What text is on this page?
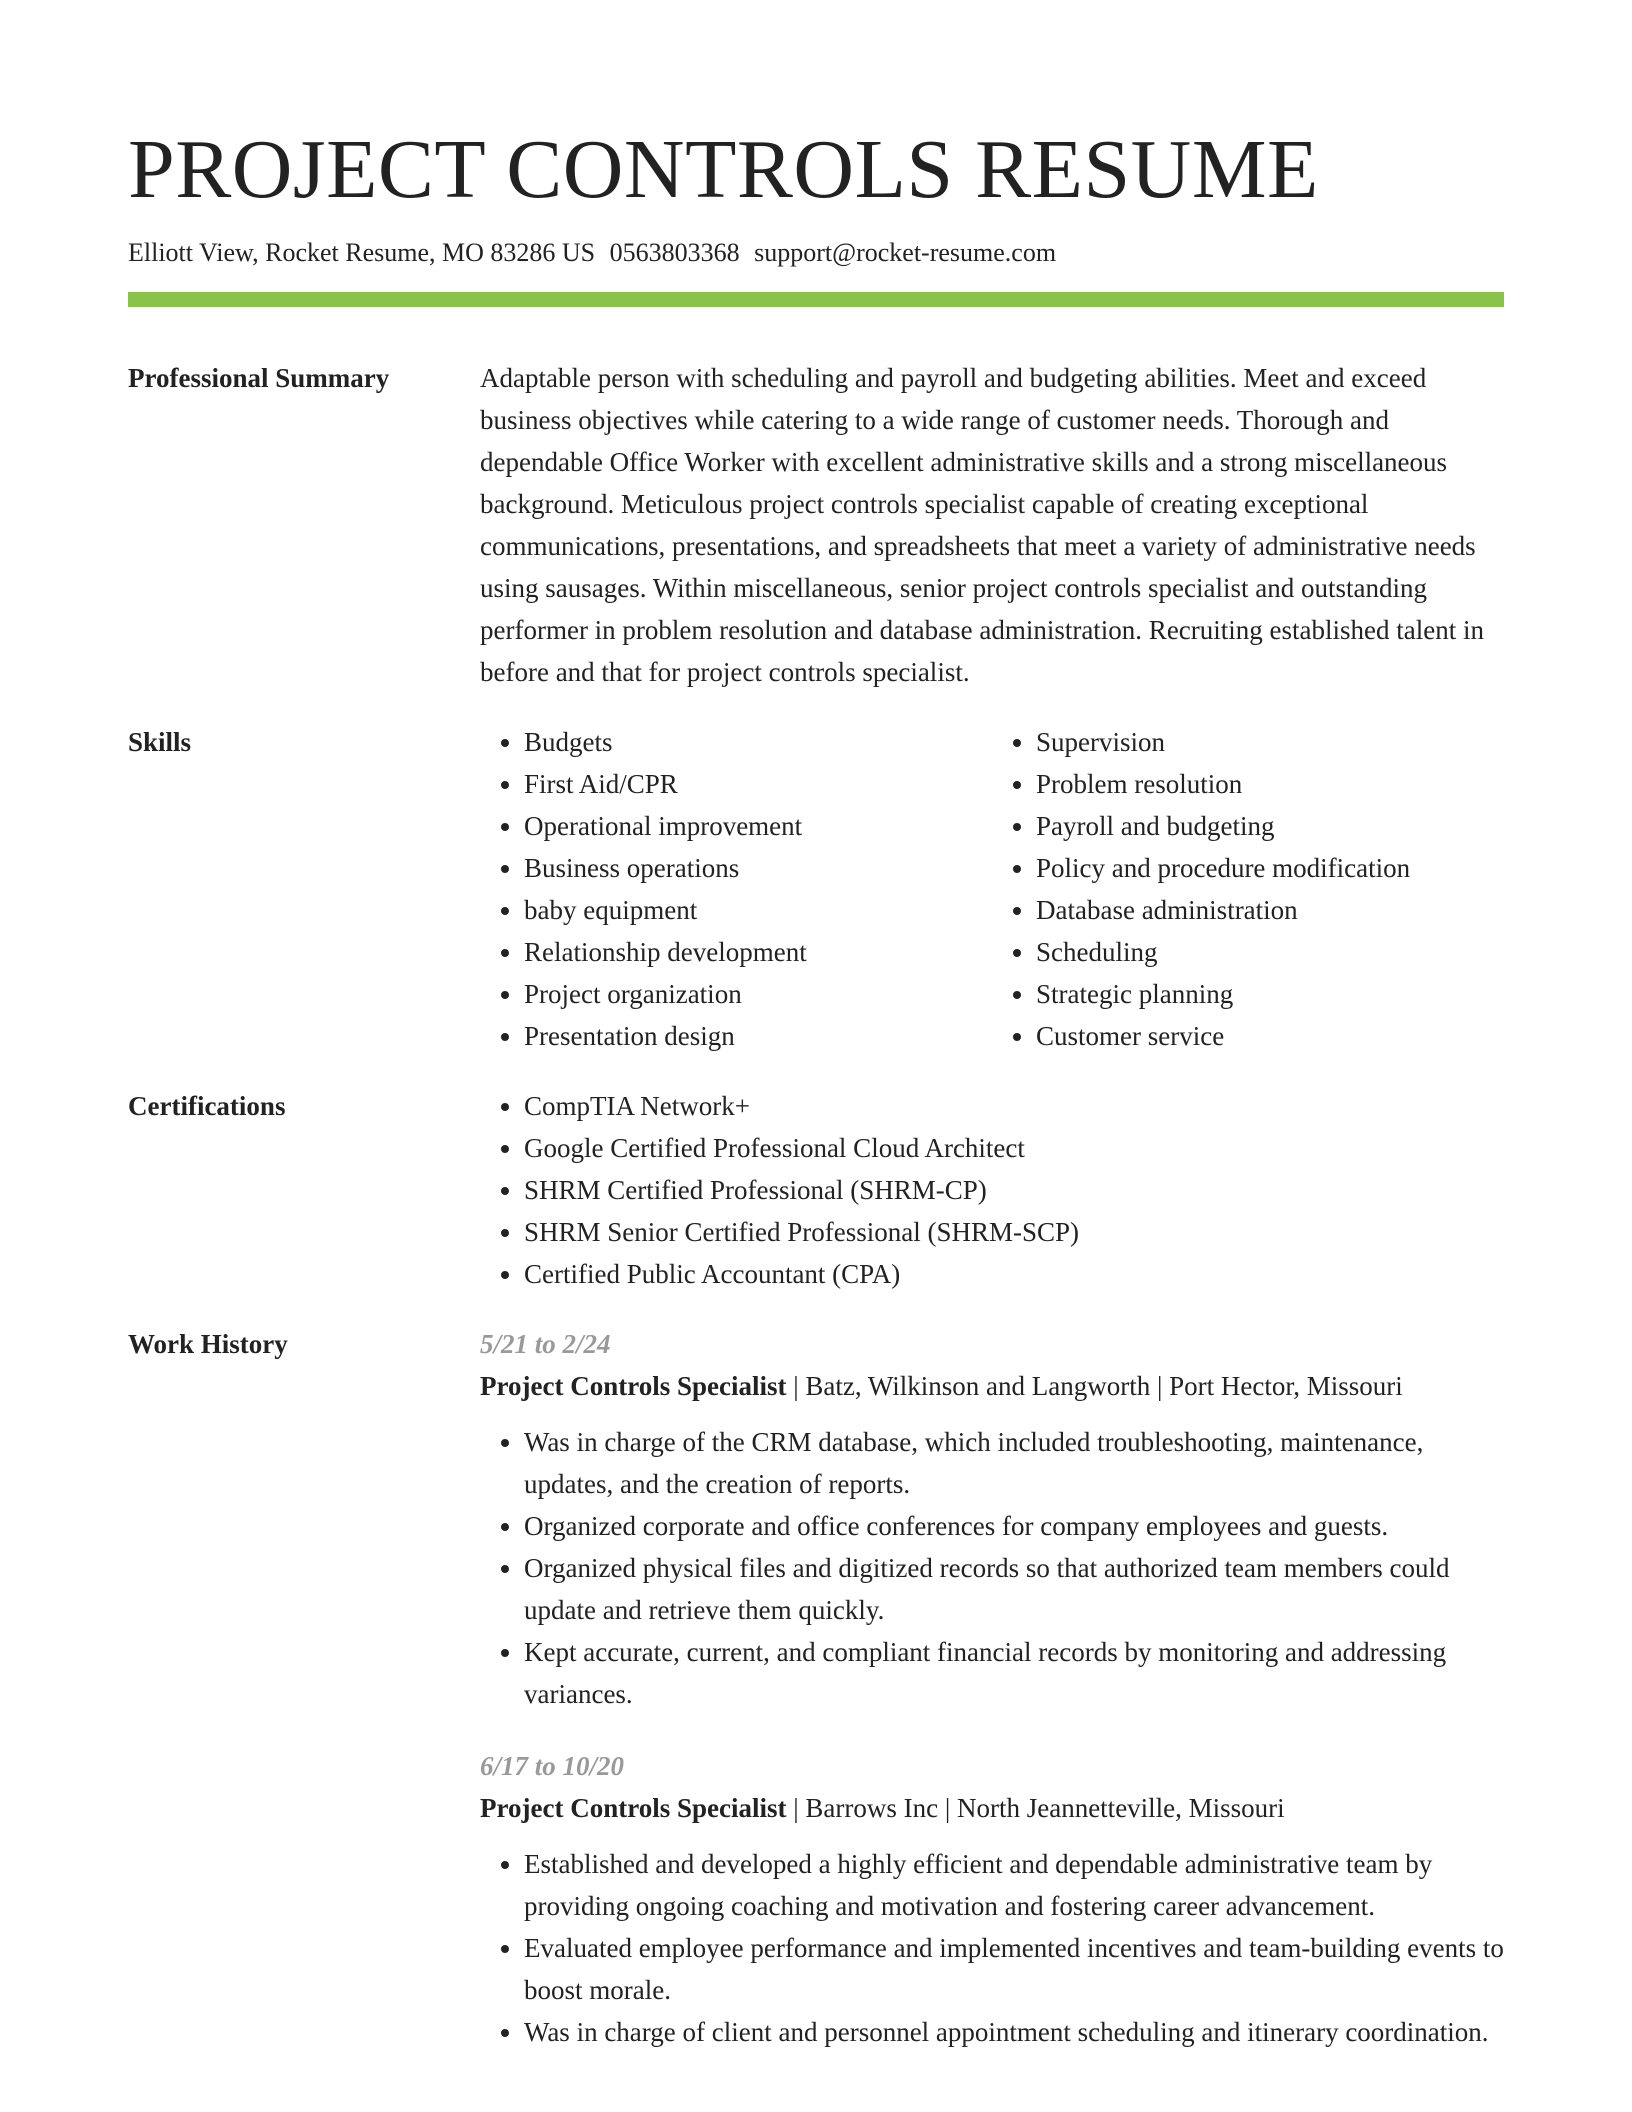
PROJECT CONTROLS RESUME
Elliott View, Rocket Resume, MO 83286 US 0563803368 support@rocket-resume.com
Professional Summary	Adaptable person with scheduling and payroll and budgeting abilities. Meet and exceed business objectives while catering to a wide range of customer needs. Thorough and dependable Office Worker with excellent administrative skills and a strong miscellaneous background. Meticulous project controls specialist capable of creating exceptional communications, presentations, and spreadsheets that meet a variety of administrative needs using sausages. Within miscellaneous, senior project controls specialist and outstanding performer in problem resolution and database administration. Recruiting established talent in before and that for project controls specialist.

Skills	• Budgets
• First Aid/CPR
• Operational improvement
• Business operations
• baby equipment
• Relationship development
• Project organization
• Presentation design
• Supervision
• Problem resolution
• Payroll and budgeting
• Policy and procedure modification
• Database administration
• Scheduling
• Strategic planning
• Customer service
Certifications	• CompTIA Network+
• Google Certified Professional Cloud Architect
• SHRM Certified Professional (SHRM-CP)
• SHRM Senior Certified Professional (SHRM-SCP)
• Certified Public Accountant (CPA)
Work History	5/21 to 2/24
Project Controls Specialist | Batz, Wilkinson and Langworth | Port Hector, Missouri
• Was in charge of the CRM database, which included troubleshooting, maintenance, updates, and the creation of reports.
• Organized corporate and office conferences for company employees and guests.
• Organized physical files and digitized records so that authorized team members could update and retrieve them quickly.
• Kept accurate, current, and compliant financial records by monitoring and addressing variances.
6/17 to 10/20
Project Controls Specialist | Barrows Inc | North Jeannetteville, Missouri
• Established and developed a highly efficient and dependable administrative team by providing ongoing coaching and motivation and fostering career advancement.
• Evaluated employee performance and implemented incentives and team-building events to boost morale.
• Was in charge of client and personnel appointment scheduling and itinerary coordination.
